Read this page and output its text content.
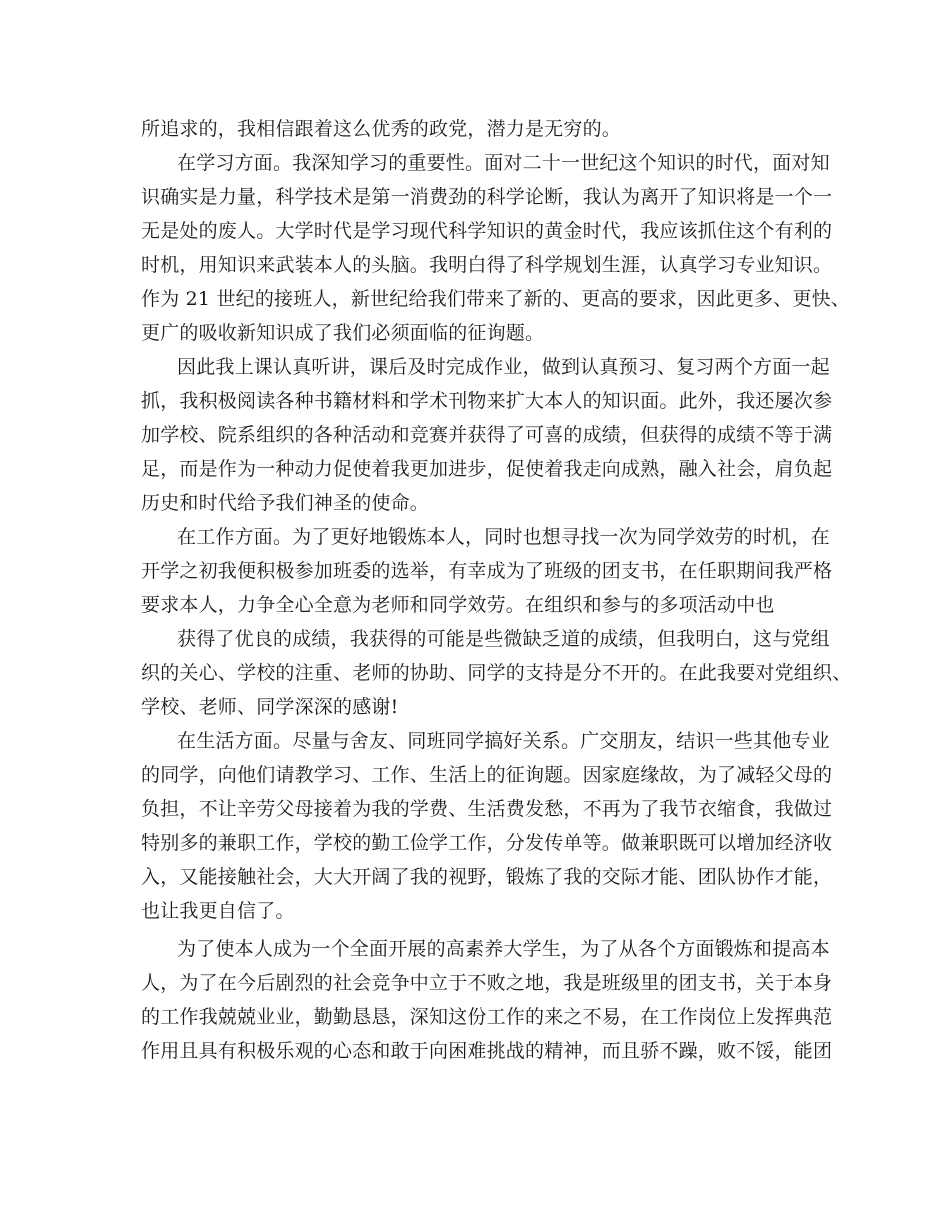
所追求的，我相信跟着这么优秀的政党，潜力是无穷的。
在学习方面。我深知学习的重要性。面对二十一世纪这个知识的时代，面对知
识确实是力量，科学技术是第一消费劲的科学论断，我认为离开了知识将是一个一
无是处的废人。大学时代是学习现代科学知识的黄金时代，我应该抓住这个有利的
时机，用知识来武装本人的头脑。我明白得了科学规划生涯，认真学习专业知识。
作为 21 世纪的接班人，新世纪给我们带来了新的、更高的要求，因此更多、更快、
更广的吸收新知识成了我们必须面临的征询题。
因此我上课认真听讲，课后及时完成作业，做到认真预习、复习两个方面一起
抓，我积极阅读各种书籍材料和学术刊物来扩大本人的知识面。此外，我还屡次参
加学校、院系组织的各种活动和竞赛并获得了可喜的成绩，但获得的成绩不等于满
足，而是作为一种动力促使着我更加进步，促使着我走向成熟，融入社会，肩负起
历史和时代给予我们神圣的使命。
在工作方面。为了更好地锻炼本人，同时也想寻找一次为同学效劳的时机，在
开学之初我便积极参加班委的选举，有幸成为了班级的团支书，在任职期间我严格
要求本人，力争全心全意为老师和同学效劳。在组织和参与的多项活动中也
获得了优良的成绩，我获得的可能是些微缺乏道的成绩，但我明白，这与党组
织的关心、学校的注重、老师的协助、同学的支持是分不开的。在此我要对党组织、
学校、老师、同学深深的感谢!
在生活方面。尽量与舍友、同班同学搞好关系。广交朋友，结识一些其他专业
的同学，向他们请教学习、工作、生活上的征询题。因家庭缘故，为了减轻父母的
负担，不让辛劳父母接着为我的学费、生活费发愁，不再为了我节衣缩食，我做过
特别多的兼职工作，学校的勤工俭学工作，分发传单等。做兼职既可以增加经济收
入，又能接触社会，大大开阔了我的视野，锻炼了我的交际才能、团队协作才能，
也让我更自信了。
为了使本人成为一个全面开展的高素养大学生，为了从各个方面锻炼和提高本
人，为了在今后剧烈的社会竞争中立于不败之地，我是班级里的团支书，关于本身
的工作我兢兢业业，勤勤恳恳，深知这份工作的来之不易，在工作岗位上发挥典范
作用且具有积极乐观的心态和敢于向困难挑战的精神，而且骄不躁，败不馁，能团
